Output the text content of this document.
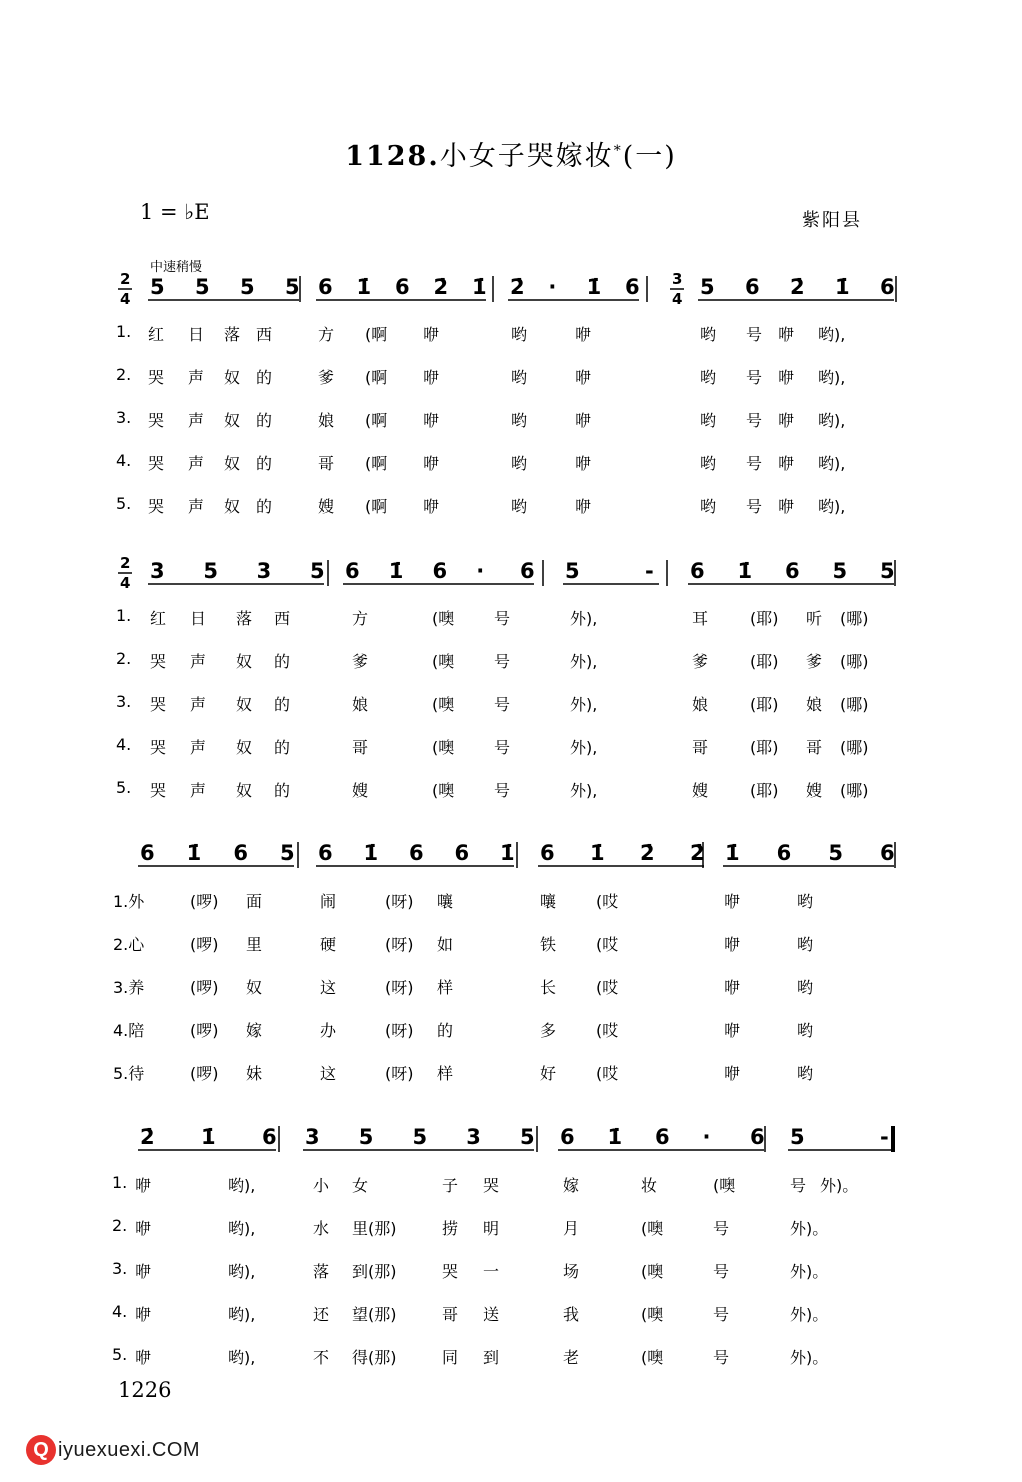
1128.小女子哭嫁妆*(一)
1 = ♭E	紫阳县
中速稍慢
2
4
3
4
5 5 5 5 6 1̇ 6 2̇ 1̇ 2̇ · 1̇ 6	5 6 2̇ 1̇ 6
2
4 3 5 3 5 6 1̇ 6 · 6 5	- 6 1̇ 6 5 5
6 1̇ 6 5 6 1̇ 6 6 1̇ 6 1̇ 2̇ 2̇ 1̇ 6 5 6
2̇ 1̇ 6 3 5 5 3 5 6 1̇ 6 · 6 5	-
1. 红 日 落 西	方 (啊 咿	哟	咿	哟 号 咿 哟),
2. 哭 声 奴 的	爹 (啊 咿	哟	咿	哟 号 咿 哟),
3. 哭 声 奴 的	娘 (啊 咿	哟	咿	哟 号 咿 哟),
4. 哭 声 奴 的	哥 (啊 咿	哟	咿	哟 号 咿 哟),
5. 哭 声 奴 的	嫂 (啊 咿	哟	咿	哟 号 咿 哟),
1. 红 日 落 西	方	(噢 号	外),	耳	(耶) 听 (哪)
2. 哭 声 奴 的	爹	(噢 号	外),	爹	(耶) 爹 (哪)
3. 哭 声 奴 的	娘	(噢 号	外),	娘	(耶) 娘 (哪)
4. 哭 声 奴 的	哥	(噢 号	外),	哥	(耶) 哥 (哪)
5. 哭 声 奴 的	嫂	(噢 号	外),	嫂	(耶) 嫂 (哪)
1.外	(啰) 面	闹	(呀) 嚷	嚷 (哎	咿	哟
2.心	(啰) 里	硬	(呀) 如	铁 (哎	咿	哟
3.养	(啰) 奴	这	(呀) 样	长 (哎	咿	哟
4.陪	(啰) 嫁	办	(呀) 的	多 (哎	咿	哟
5.待	(啰) 妹	这	(呀) 样	好 (哎	咿	哟
1. 咿	哟),	小 女	子 哭	嫁	妆	(噢	号 外)。
2. 咿	哟),	水 里(那)	捞 明	月	(噢	号	外)。
3. 咿	哟),	落 到(那)	哭 一	场	(噢	号	外)。
4. 咿	哟),	还 望(那)	哥 送	我	(噢	号	外)。
5. 咿	哟),	不 得(那)	同 到	老	(噢	号	外)。
1226
Q iyuexuexi.COM
